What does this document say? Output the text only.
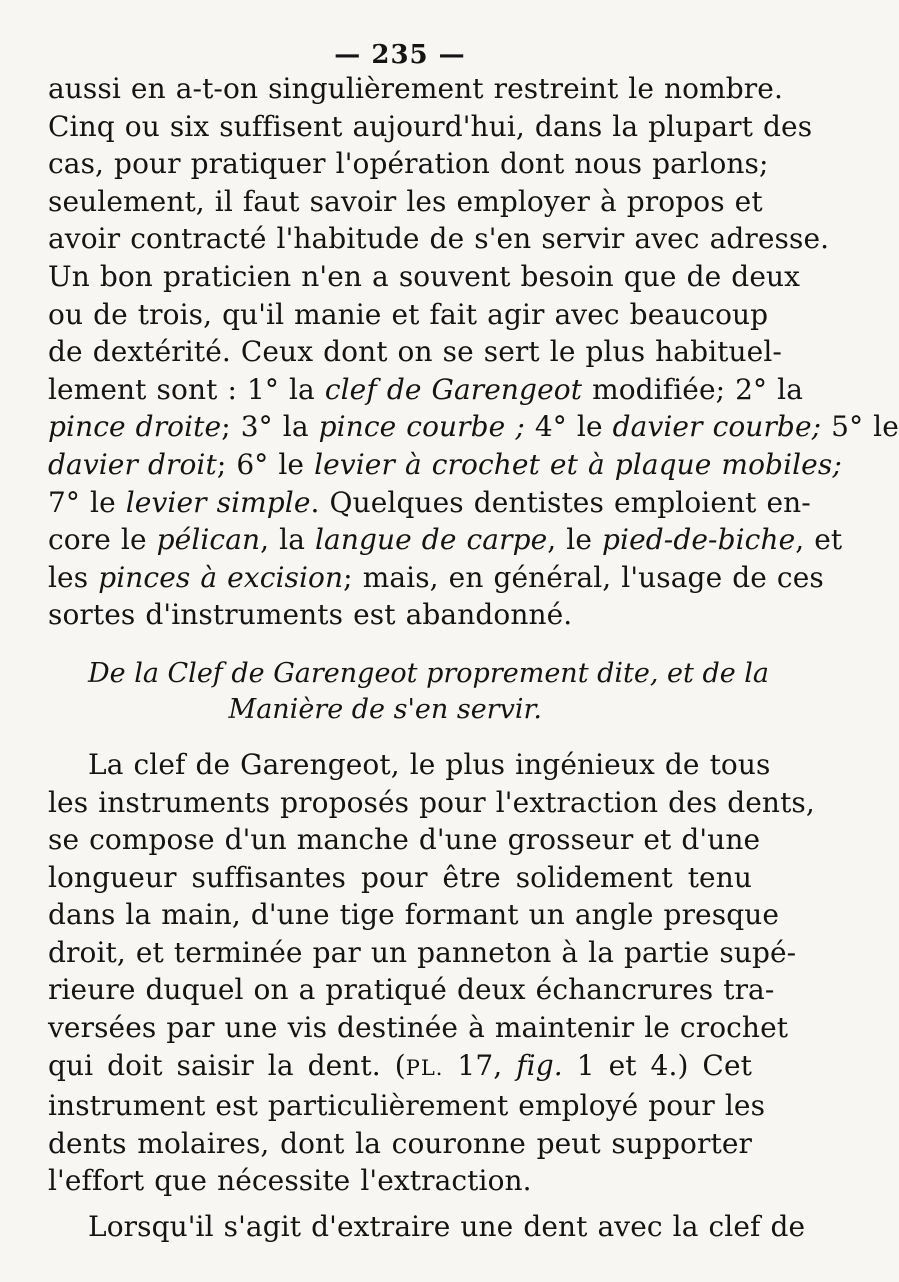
— 235 —

aussi en a-t-on singulièrement restreint le nombre.
Cinq ou six suffisent aujourd'hui, dans la plupart des
cas, pour pratiquer l'opération dont nous parlons;
seulement, il faut savoir les employer à propos et
avoir contracté l'habitude de s'en servir avec adresse.
Un bon praticien n'en a souvent besoin que de deux
ou de trois, qu'il manie et fait agir avec beaucoup
de dextérité. Ceux dont on se sert le plus habituel-
lement sont : 1° la clef de Garengeot modifiée; 2° la
pince droite; 3° la pince courbe ; 4° le davier courbe; 5° le
davier droit; 6° le levier à crochet et à plaque mobiles;
7° le levier simple. Quelques dentistes emploient en-
core le pélican, la langue de carpe, le pied-de-biche, et
les pinces à excision; mais, en général, l'usage de ces
sortes d'instruments est abandonné.

De la Clef de Garengeot proprement dite, et de la
Manière de s'en servir.

La clef de Garengeot, le plus ingénieux de tous
les instruments proposés pour l'extraction des dents,
se compose d'un manche d'une grosseur et d'une
longueur suffisantes pour être solidement tenu
dans la main, d'une tige formant un angle presque
droit, et terminée par un panneton à la partie supé-
rieure duquel on a pratiqué deux échancrures tra-
versées par une vis destinée à maintenir le crochet
qui doit saisir la dent. (PL. 17, fig. 1 et 4.) Cet
instrument est particulièrement employé pour les
dents molaires, dont la couronne peut supporter
l'effort que nécessite l'extraction.

Lorsqu'il s'agit d'extraire une dent avec la clef de
